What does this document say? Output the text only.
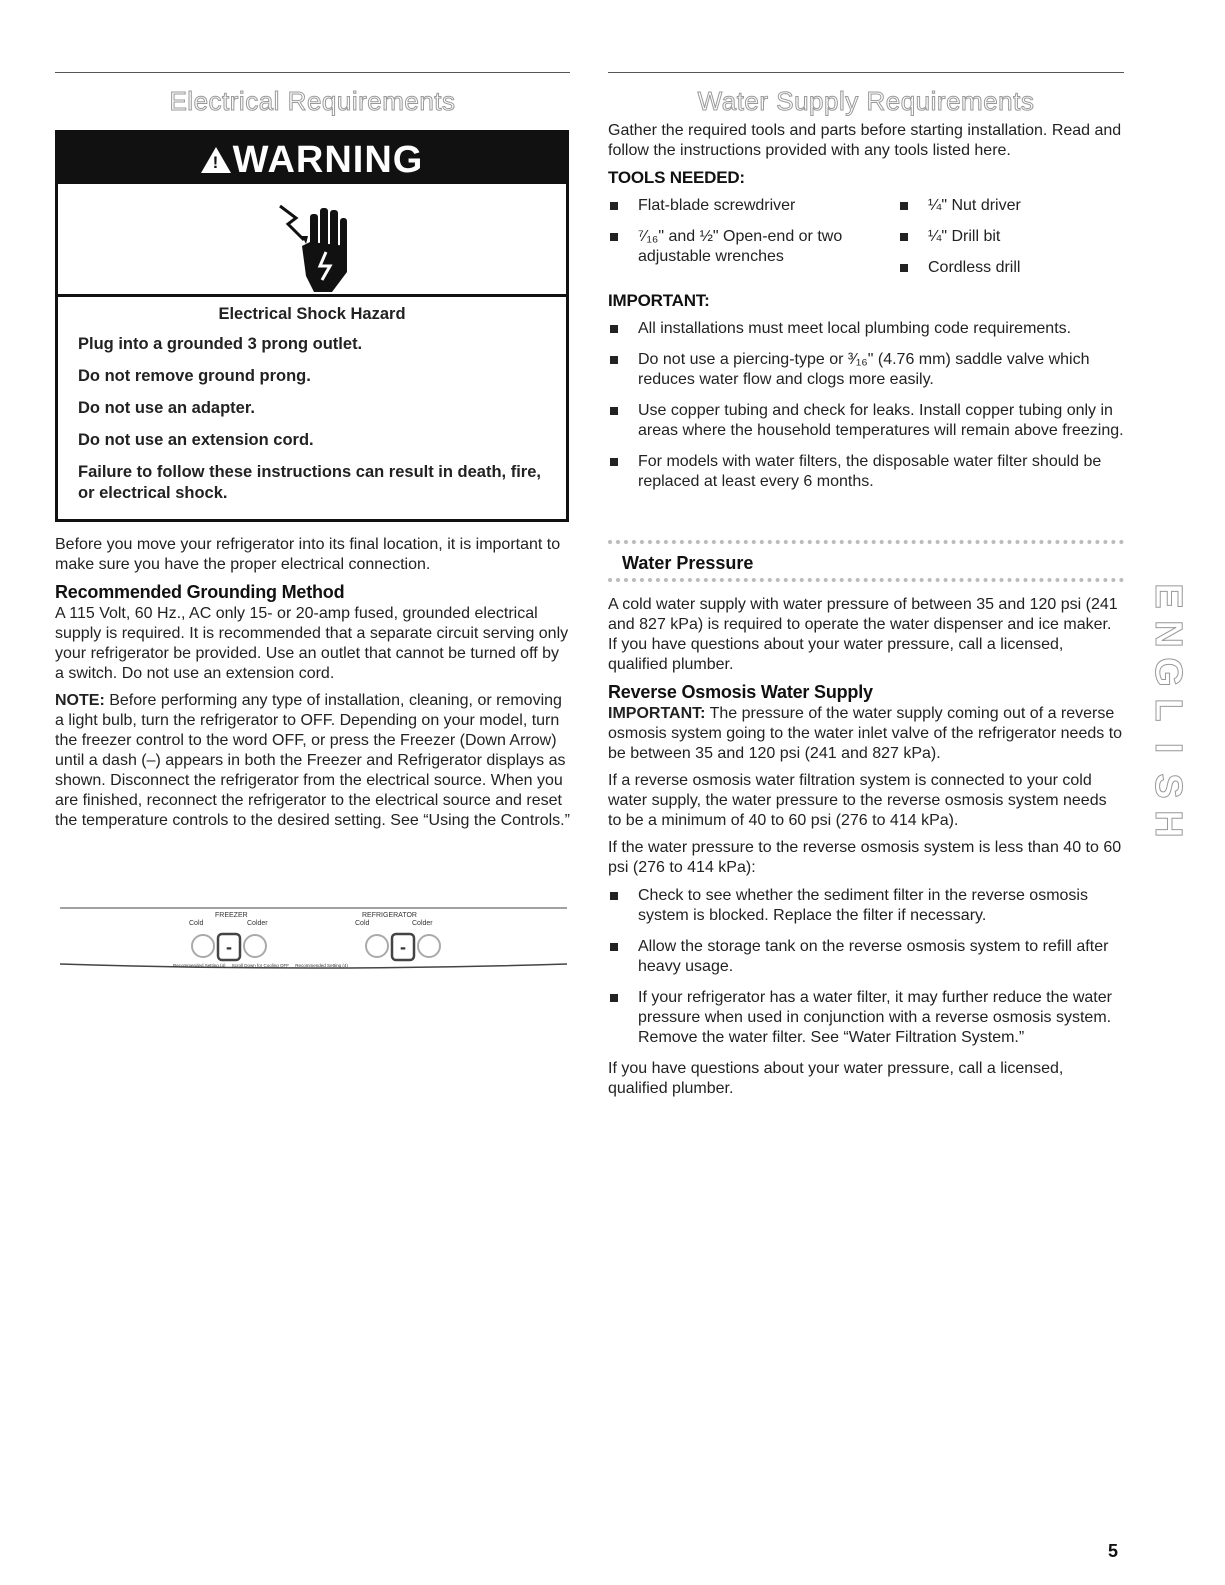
Electrical Requirements	Water Supply Requirements
! WARNING
Electrical Shock Hazard

Plug into a grounded 3 prong outlet.

Do not remove ground prong.

Do not use an adapter.

Do not use an extension cord.

Failure to follow these instructions can result in death, fire, or electrical shock.

Before you move your refrigerator into its final location, it is important to make sure you have the proper electrical connection.

Recommended Grounding Method

A 115 Volt, 60 Hz., AC only 15- or 20-amp fused, grounded electrical supply is required. It is recommended that a separate circuit serving only your refrigerator be provided. Use an outlet that cannot be turned off by a switch. Do not use an extension cord.

NOTE: Before performing any type of installation, cleaning, or removing a light bulb, turn the refrigerator to OFF. Depending on your model, turn the freezer control to the word OFF, or press the Freezer (Down Arrow) until a dash (–) appears in both the Freezer and Refrigerator displays as shown. Disconnect the refrigerator from the electrical source. When you are finished, reconnect the refrigerator to the electrical source and reset the temperature controls to the desired setting. See “Using the Controls.”

FREEZER	REFRIGERATOR
Cold	Colder	Cold	Colder
-	-
Recommended Setting (4)     Scroll Down for Cooling OFF     Recommended Setting (4)

Gather the required tools and parts before starting installation. Read and follow the instructions provided with any tools listed here.

TOOLS NEEDED:
Flat-blade screwdriver
⁷⁄₁₆" and ½" Open-end or two adjustable wrenches
¼" Nut driver
¼" Drill bit
Cordless drill
IMPORTANT:
All installations must meet local plumbing code requirements.
Do not use a piercing-type or ³⁄₁₆" (4.76 mm) saddle valve which reduces water flow and clogs more easily.
Use copper tubing and check for leaks. Install copper tubing only in areas where the household temperatures will remain above freezing.
For models with water filters, the disposable water filter should be replaced at least every 6 months.
Water Pressure

A cold water supply with water pressure of between 35 and 120 psi (241 and 827 kPa) is required to operate the water dispenser and ice maker. If you have questions about your water pressure, call a licensed, qualified plumber.

Reverse Osmosis Water Supply

IMPORTANT: The pressure of the water supply coming out of a reverse osmosis system going to the water inlet valve of the refrigerator needs to be between 35 and 120 psi (241 and 827 kPa).

If a reverse osmosis water filtration system is connected to your cold water supply, the water pressure to the reverse osmosis system needs to be a minimum of 40 to 60 psi (276 to 414 kPa).

If the water pressure to the reverse osmosis system is less than 40 to 60 psi (276 to 414 kPa):

Check to see whether the sediment filter in the reverse osmosis system is blocked. Replace the filter if necessary.
Allow the storage tank on the reverse osmosis system to refill after heavy usage.
If your refrigerator has a water filter, it may further reduce the water pressure when used in conjunction with a reverse osmosis system. Remove the water filter. See “Water Filtration System.”

If you have questions about your water pressure, call a licensed, qualified plumber.

E
N
G
L
I
S
H
5
